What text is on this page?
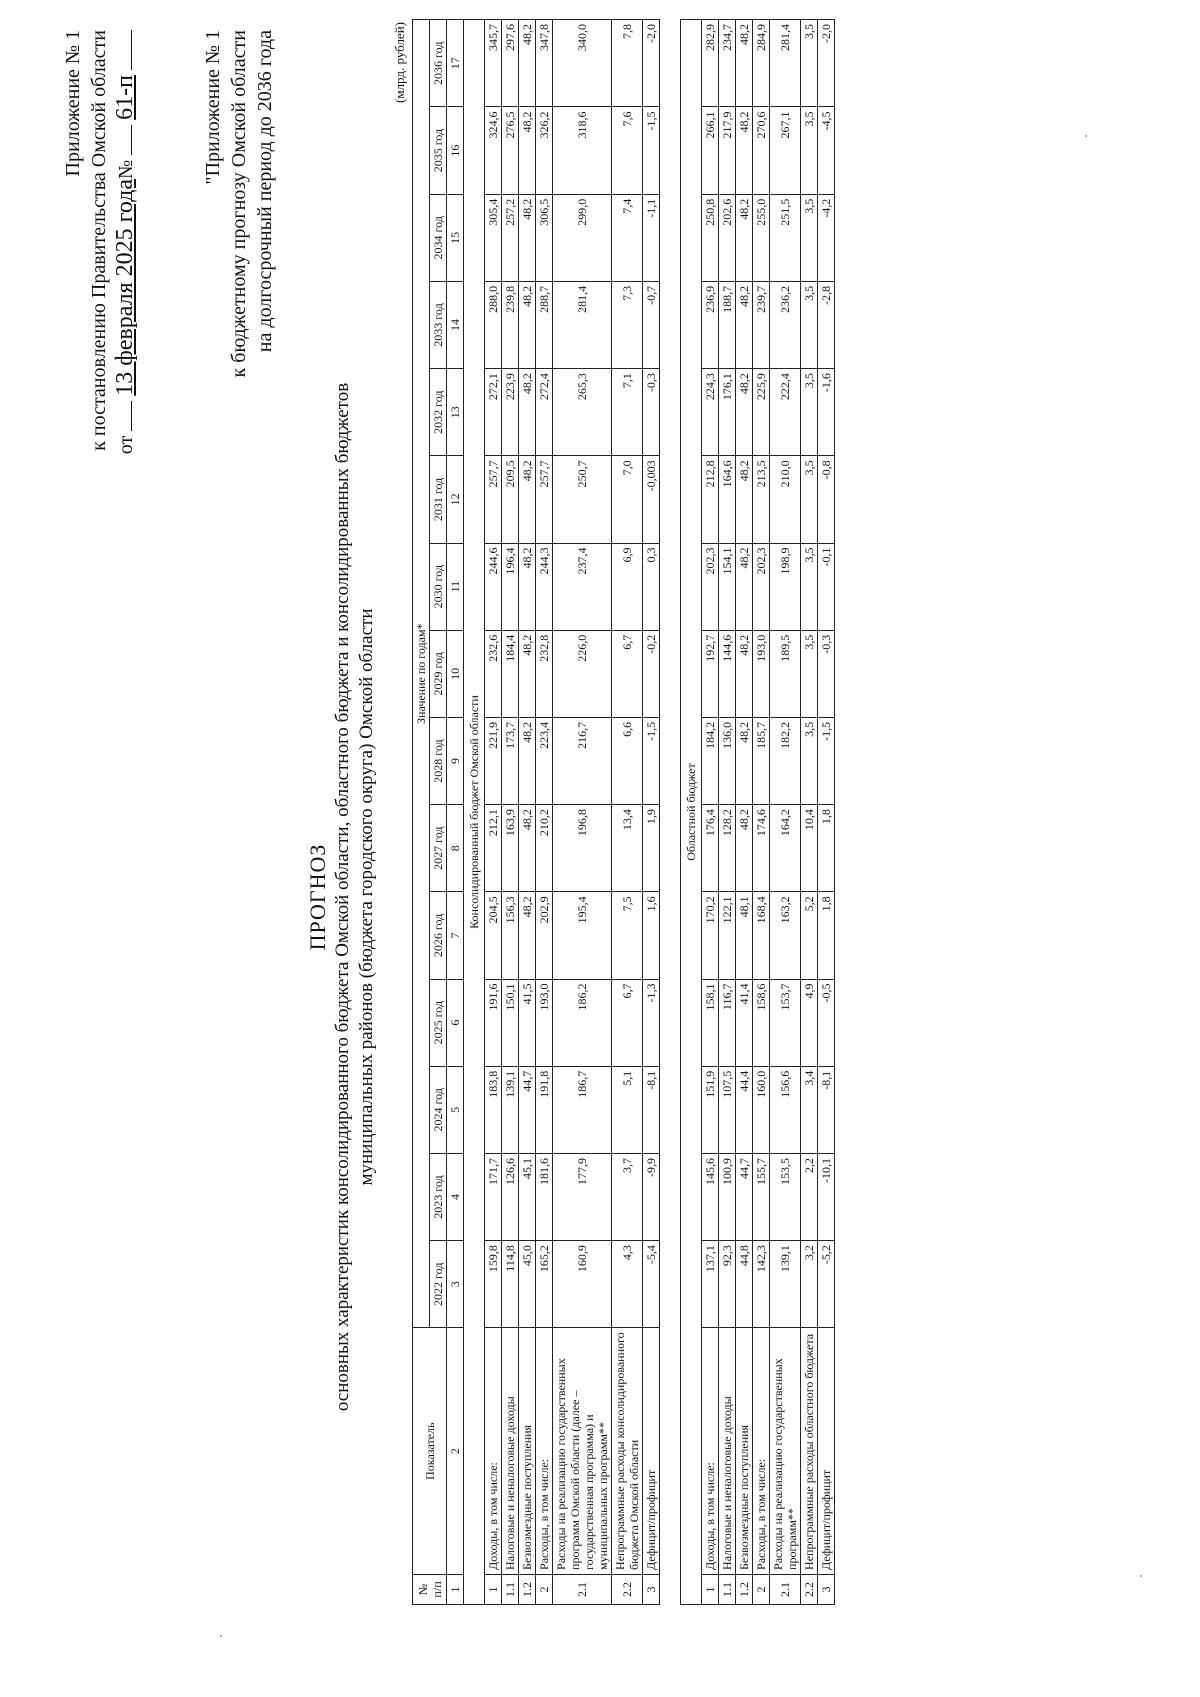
Приложение № 1 к постановлению Правительства Омской области от  13 февраля 2025 года№  61-п	"Приложение № 1 к бюджетному прогнозу Омской области на долгосрочный период до 2036 года
ПРОГНОЗ основных характеристик консолидированного бюджета Омской области, областного бюджета и консолидированных бюджетов муниципальных районов (бюджета городского округа) Омской области
(млрд. рублей)
№ п/п	Показатель	Значение по годам*														
		2022 год	2023 год	2024 год	2025 год	2026 год	2027 год	2028 год	2029 год	2030 год	2031 год	2032 год	2033 год	2034 год	2035 год	2036 год
1	2	3	4	5	6	7	8	9	10	11	12	13	14	15	16	17
Консолидированный бюджет Омской области																
1	Доходы, в том числе:	159,8	171,7	183,8	191,6	204,5	212,1	221,9	232,6	244,6	257,7	272,1	288,0	305,4	324,6	345,7
1.1	Налоговые и неналоговые доходы	114,8	126,6	139,1	150,1	156,3	163,9	173,7	184,4	196,4	209,5	223,9	239,8	257,2	276,5	297,6
1.2	Безвозмездные поступления	45,0	45,1	44,7	41,5	48,2	48,2	48,2	48,2	48,2	48,2	48,2	48,2	48,2	48,2	48,2
2	Расходы, в том числе:	165,2	181,6	191,8	193,0	202,9	210,2	223,4	232,8	244,3	257,7	272,4	288,7	306,5	326,2	347,8
2.1	Расходы на реализацию государственных программ Омской области (далее – государственная программа) и муниципальных программ**	160,9	177,9	186,7	186,2	195,4	196,8	216,7	226,0	237,4	250,7	265,3	281,4	299,0	318,6	340,0
2.2	Непрограммные расходы консолидированного бюджета Омской области	4,3	3,7	5,1	6,7	7,5	13,4	6,6	6,7	6,9	7,0	7,1	7,3	7,4	7,6	7,8
3	Дефицит/профицит	-5,4	-9,9	-8,1	-1,3	1,6	1,9	-1,5	-0,2	0,3	-0,003	-0,3	-0,7	-1,1	-1,5	-2,0

Областной бюджет																
1	Доходы, в том числе:	137,1	145,6	151,9	158,1	170,2	176,4	184,2	192,7	202,3	212,8	224,3	236,9	250,8	266,1	282,9
1.1	Налоговые и неналоговые доходы	92,3	100,9	107,5	116,7	122,1	128,2	136,0	144,6	154,1	164,6	176,1	188,7	202,6	217,9	234,7
1.2	Безвозмездные поступления	44,8	44,7	44,4	41,4	48,1	48,2	48,2	48,2	48,2	48,2	48,2	48,2	48,2	48,2	48,2
2	Расходы, в том числе:	142,3	155,7	160,0	158,6	168,4	174,6	185,7	193,0	202,3	213,5	225,9	239,7	255,0	270,6	284,9
2.1	Расходы на реализацию государственных программ**	139,1	153,5	156,6	153,7	163,2	164,2	182,2	189,5	198,9	210,0	222,4	236,2	251,5	267,1	281,4
2.2	Непрограммные расходы областного бюджета	3,2	2,2	3,4	4,9	5,2	10,4	3,5	3,5	3,5	3,5	3,5	3,5	3,5	3,5	3,5
3	Дефицит/профицит	-5,2	-10,1	-8,1	-0,5	1,8	1,8	-1,5	-0,3	-0,1	-0,8	-1,6	-2,8	-4,2	-4,5	-2,0
